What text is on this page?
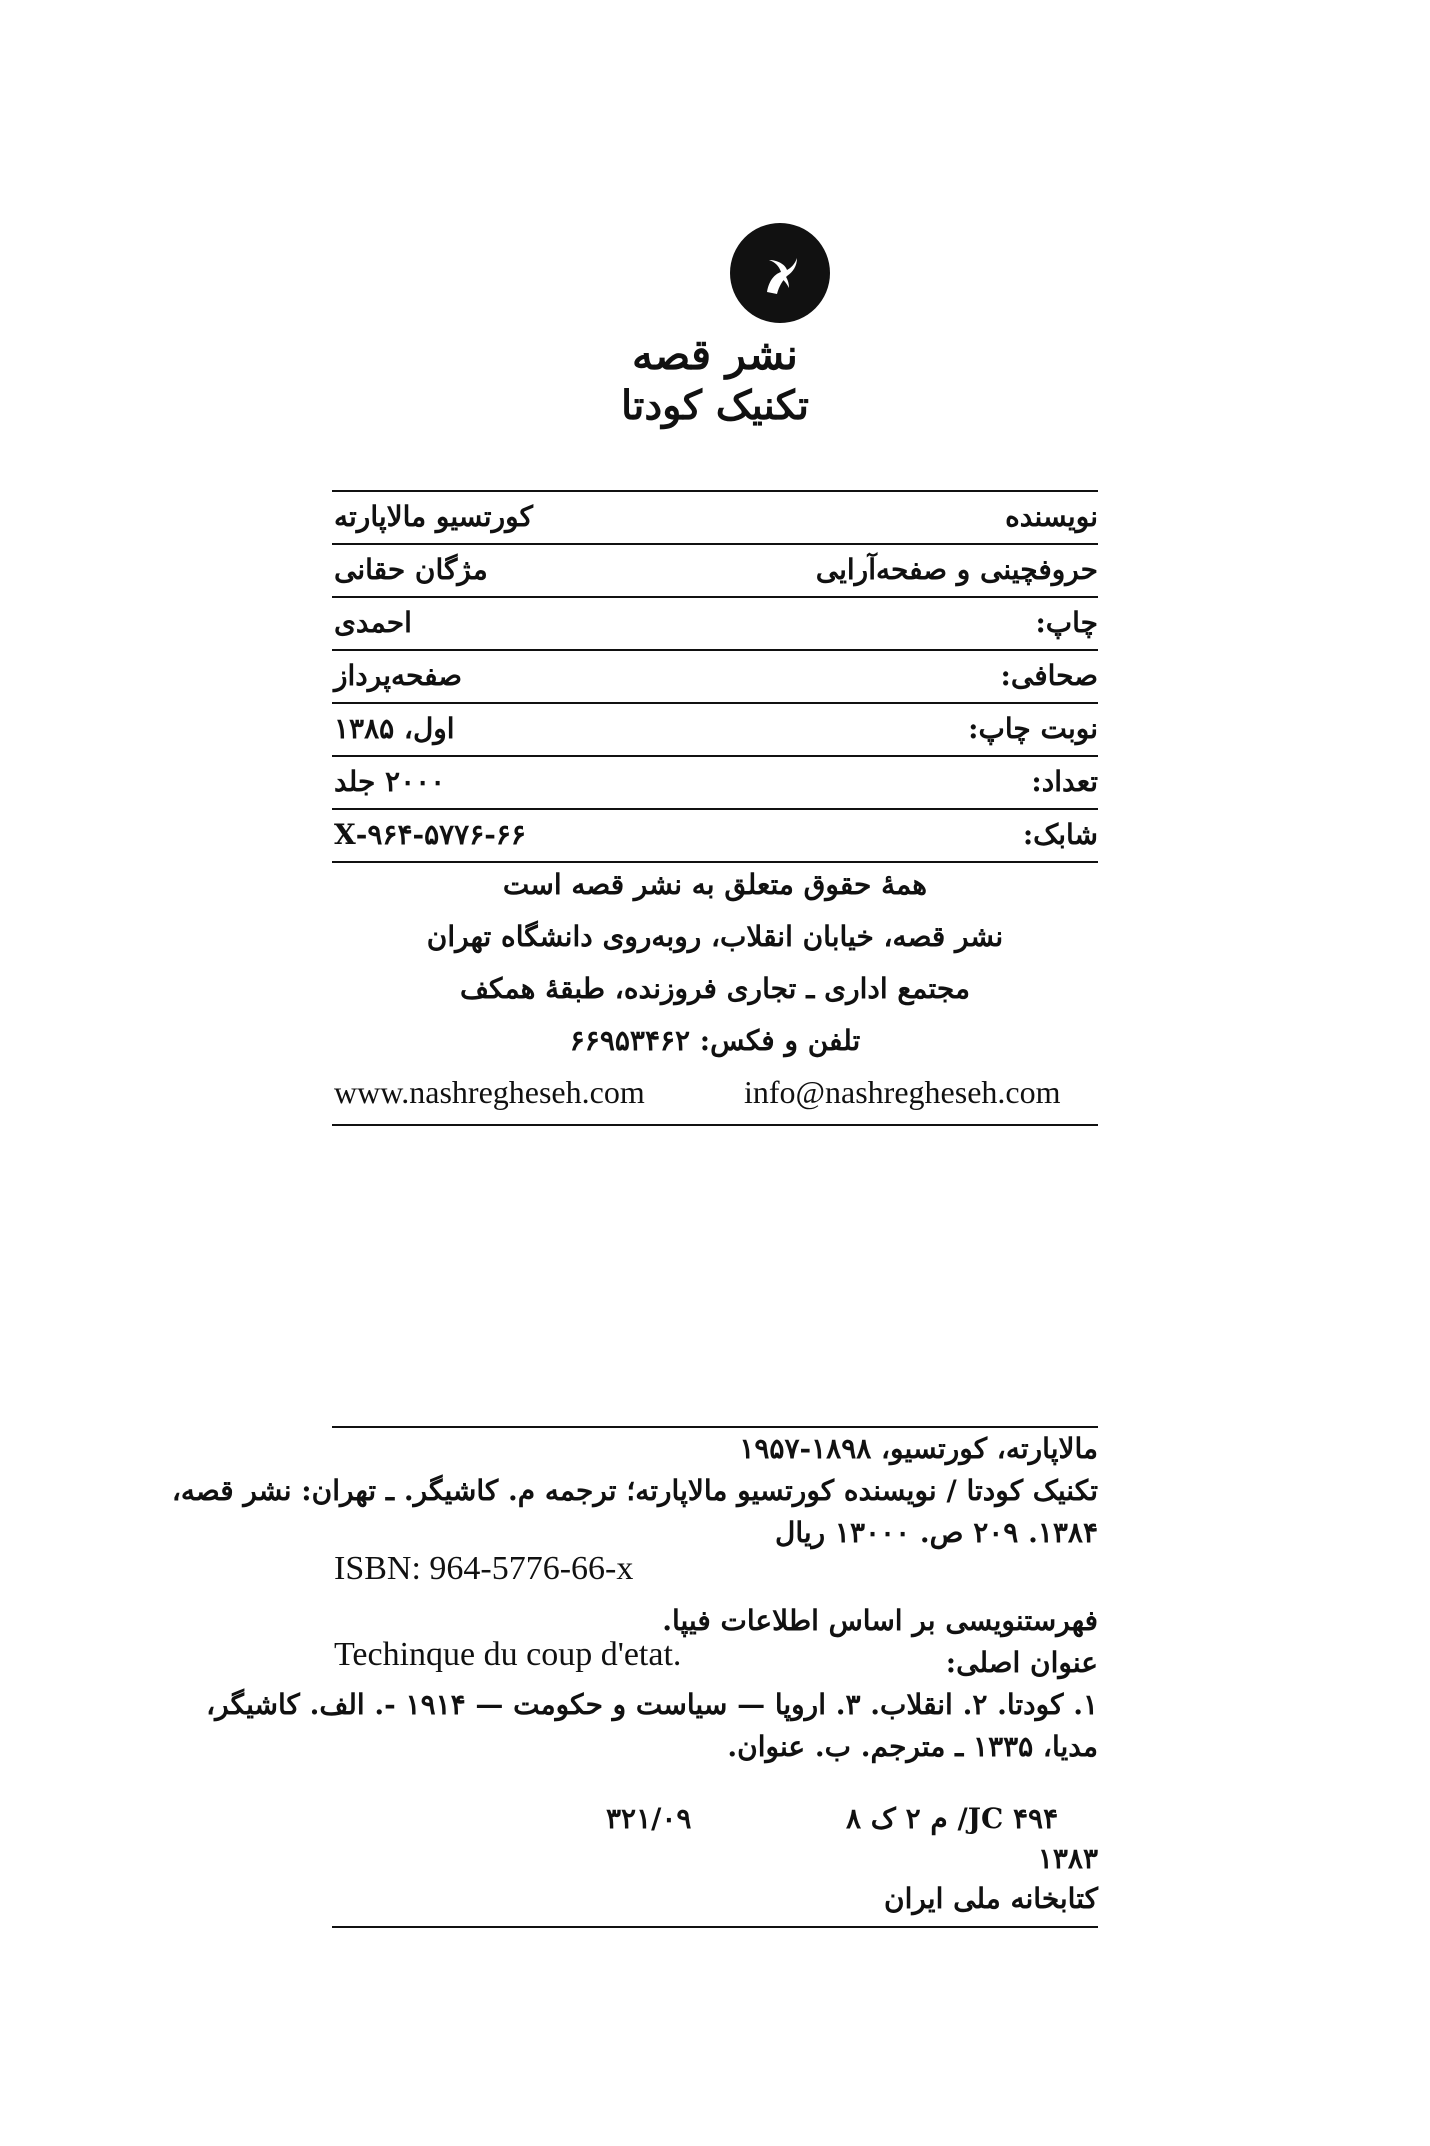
نشر قصه
تکنیک کودتا
نویسنده
کورتسیو مالاپارته
حروفچینی و صفحه‌آرایی
مژگان حقانی
چاپ:
احمدی
صحافی:
صفحه‌پرداز
نوبت چاپ:
اول، ۱۳۸۵
تعداد:
۲۰۰۰ جلد
شابک:
۹۶۴-۵۷۷۶-۶۶-X
همهٔ حقوق متعلق به نشر قصه است
نشر قصه، خیابان انقلاب، روبه‌روی دانشگاه تهران
مجتمع اداری ـ تجاری فروزنده، طبقهٔ همکف
تلفن و فکس: ۶۶۹۵۳۴۶۲
www.nashregheseh.com	info@nashregheseh.com
مالاپارته، کورتسیو، ۱۸۹۸-۱۹۵۷
تکنیک کودتا / نویسنده کورتسیو مالاپارته؛ ترجمه م. کاشیگر. ـ تهران: نشر قصه،
۱۳۸۴. ۲۰۹ ص. ۱۳۰۰۰ ریال
ISBN: 964-5776-66-x
فهرستنویسی بر اساس اطلاعات فیپا.
عنوان اصلی:
Techinque du coup d'etat.
۱. کودتا. ۲. انقلاب. ۳. اروپا — سیاست و حکومت — ۱۹۱۴ -. الف. کاشیگر،
مدیا، ۱۳۳۵ ـ مترجم. ب. عنوان.
۳۲۱/۰۹	JC ۴۹۴/ م ۲ ک ۸
۱۳۸۳
کتابخانه ملی ایران
